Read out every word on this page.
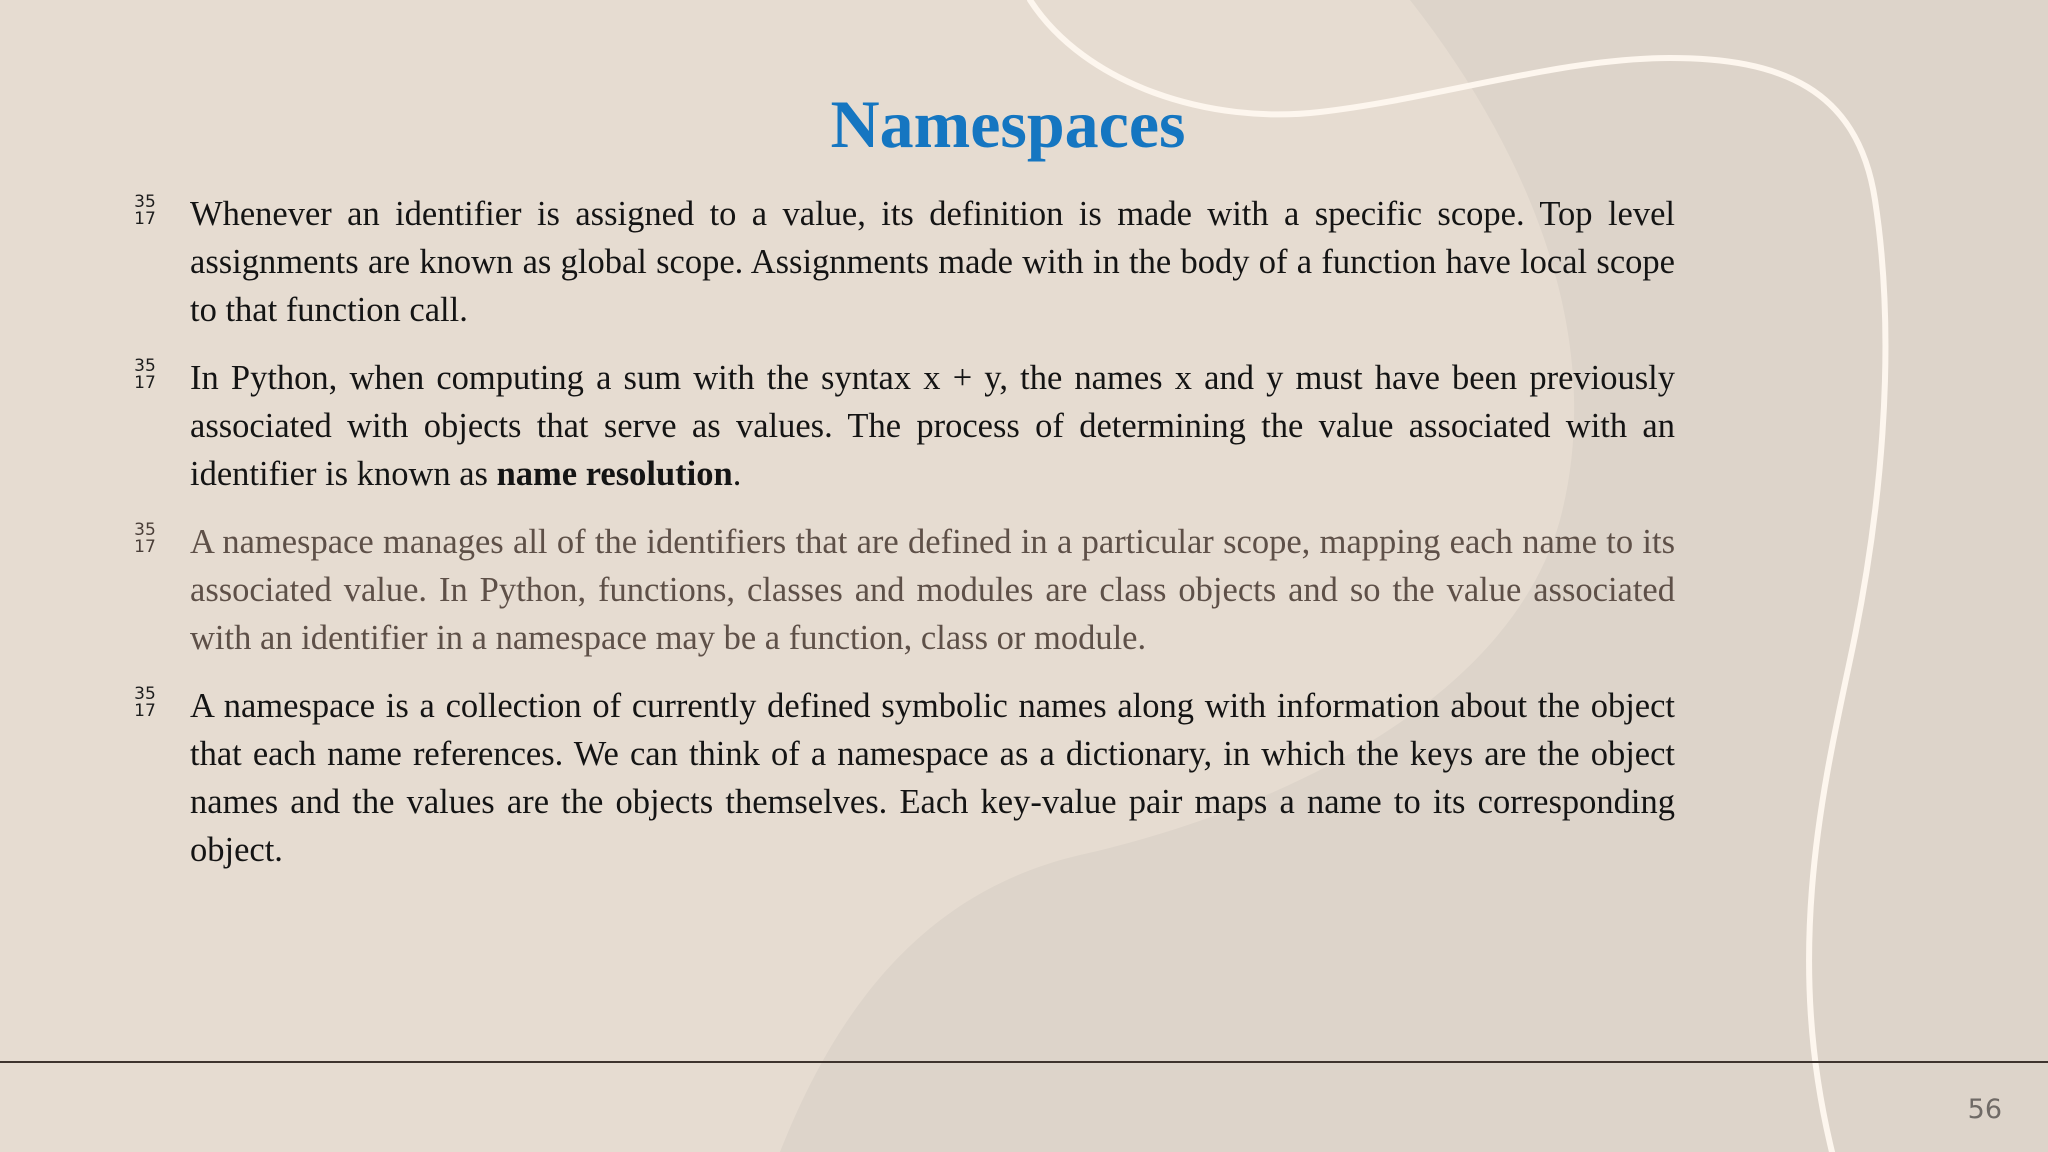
Namespaces
35
17 Whenever an identifier is assigned to a value, its definition is made with a specific scope. Top level assignments are known as global scope. Assignments made with in the body of a function have local scope to that function call.
35
17 In Python, when computing a sum with the syntax x + y, the names x and y must have been previously associated with objects that serve as values. The process of determining the value associated with an identifier is known as name resolution.
35
17 A namespace manages all of the identifiers that are defined in a particular scope, mapping each name to its associated value. In Python, functions, classes and modules are class objects and so the value associated with an identifier in a namespace may be a function, class or module.
35
17 A namespace is a collection of currently defined symbolic names along with information about the object that each name references. We can think of a namespace as a dictionary, in which the keys are the object names and the values are the objects themselves. Each key-value pair maps a name to its corresponding object.
56
